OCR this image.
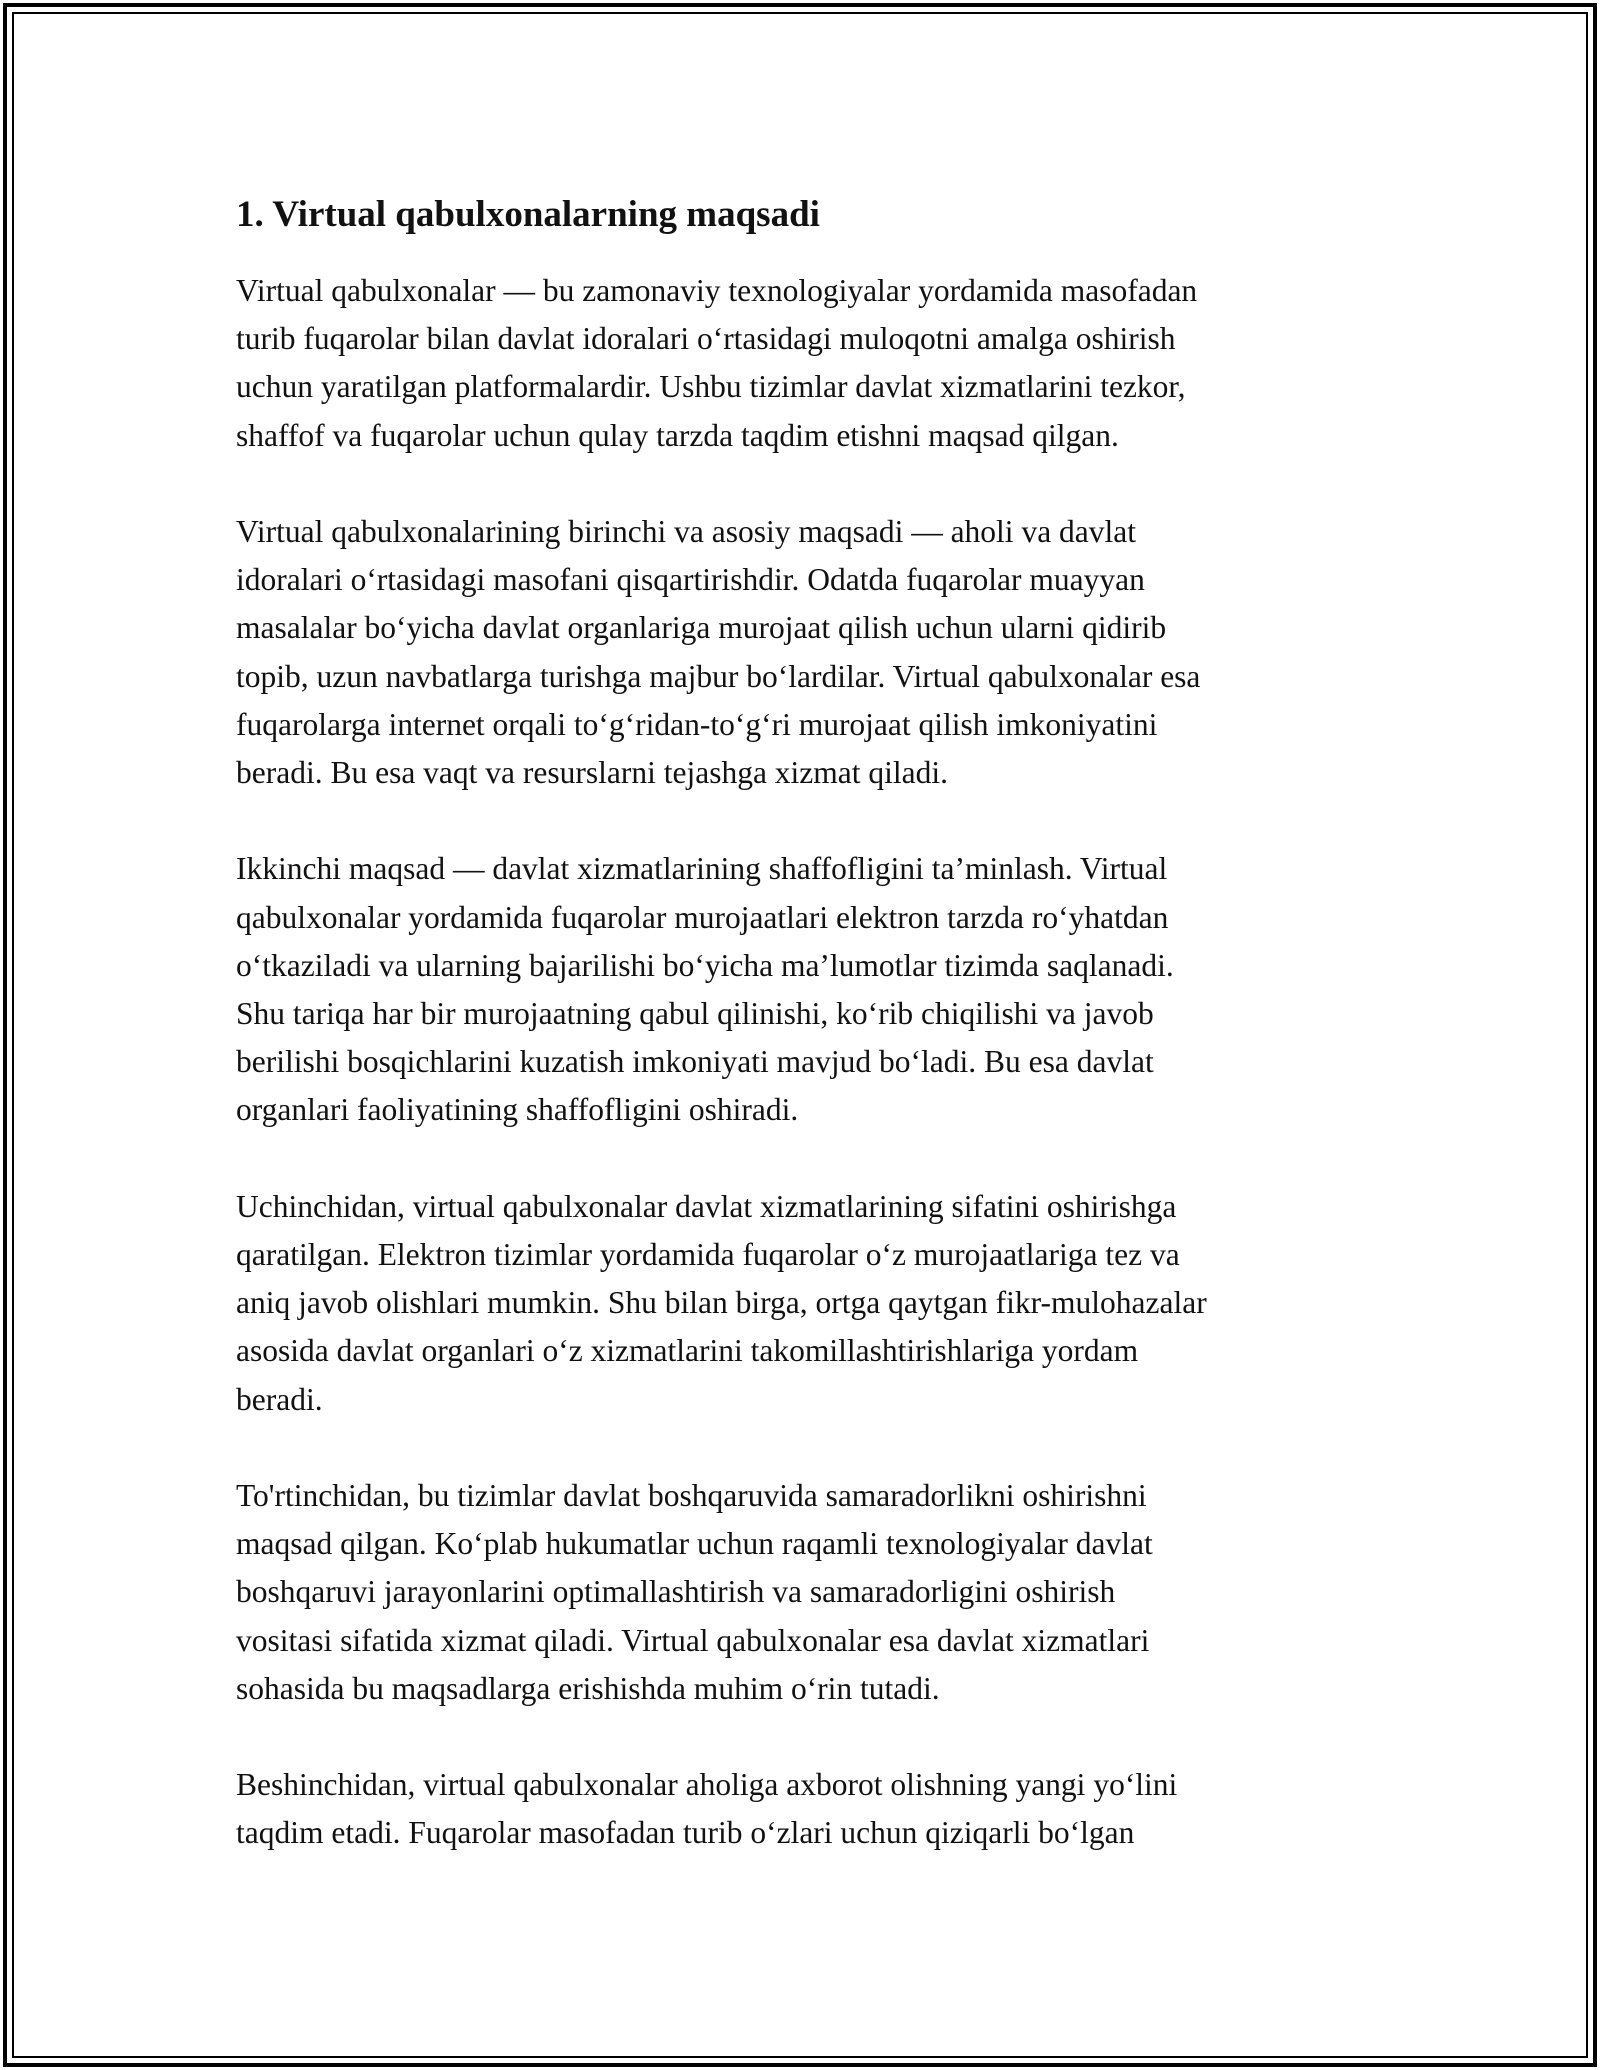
1. Virtual qabulxonalarning maqsadi

Virtual qabulxonalar — bu zamonaviy texnologiyalar yordamida masofadan
turib fuqarolar bilan davlat idoralari o‘rtasidagi muloqotni amalga oshirish
uchun yaratilgan platformalardir. Ushbu tizimlar davlat xizmatlarini tezkor,
shaffof va fuqarolar uchun qulay tarzda taqdim etishni maqsad qilgan.

Virtual qabulxonalarining birinchi va asosiy maqsadi — aholi va davlat
idoralari o‘rtasidagi masofani qisqartirishdir. Odatda fuqarolar muayyan
masalalar bo‘yicha davlat organlariga murojaat qilish uchun ularni qidirib
topib, uzun navbatlarga turishga majbur bo‘lardilar. Virtual qabulxonalar esa
fuqarolarga internet orqali to‘g‘ridan-to‘g‘ri murojaat qilish imkoniyatini
beradi. Bu esa vaqt va resurslarni tejashga xizmat qiladi.

Ikkinchi maqsad — davlat xizmatlarining shaffofligini ta’minlash. Virtual
qabulxonalar yordamida fuqarolar murojaatlari elektron tarzda ro‘yhatdan
o‘tkaziladi va ularning bajarilishi bo‘yicha ma’lumotlar tizimda saqlanadi.
Shu tariqa har bir murojaatning qabul qilinishi, ko‘rib chiqilishi va javob
berilishi bosqichlarini kuzatish imkoniyati mavjud bo‘ladi. Bu esa davlat
organlari faoliyatining shaffofligini oshiradi.

Uchinchidan, virtual qabulxonalar davlat xizmatlarining sifatini oshirishga
qaratilgan. Elektron tizimlar yordamida fuqarolar o‘z murojaatlariga tez va
aniq javob olishlari mumkin. Shu bilan birga, ortga qaytgan fikr-mulohazalar
asosida davlat organlari o‘z xizmatlarini takomillashtirishlariga yordam
beradi.

To'rtinchidan, bu tizimlar davlat boshqaruvida samaradorlikni oshirishni
maqsad qilgan. Ko‘plab hukumatlar uchun raqamli texnologiyalar davlat
boshqaruvi jarayonlarini optimallashtirish va samaradorligini oshirish
vositasi sifatida xizmat qiladi. Virtual qabulxonalar esa davlat xizmatlari
sohasida bu maqsadlarga erishishda muhim o‘rin tutadi.

Beshinchidan, virtual qabulxonalar aholiga axborot olishning yangi yo‘lini
taqdim etadi. Fuqarolar masofadan turib o‘zlari uchun qiziqarli bo‘lgan
